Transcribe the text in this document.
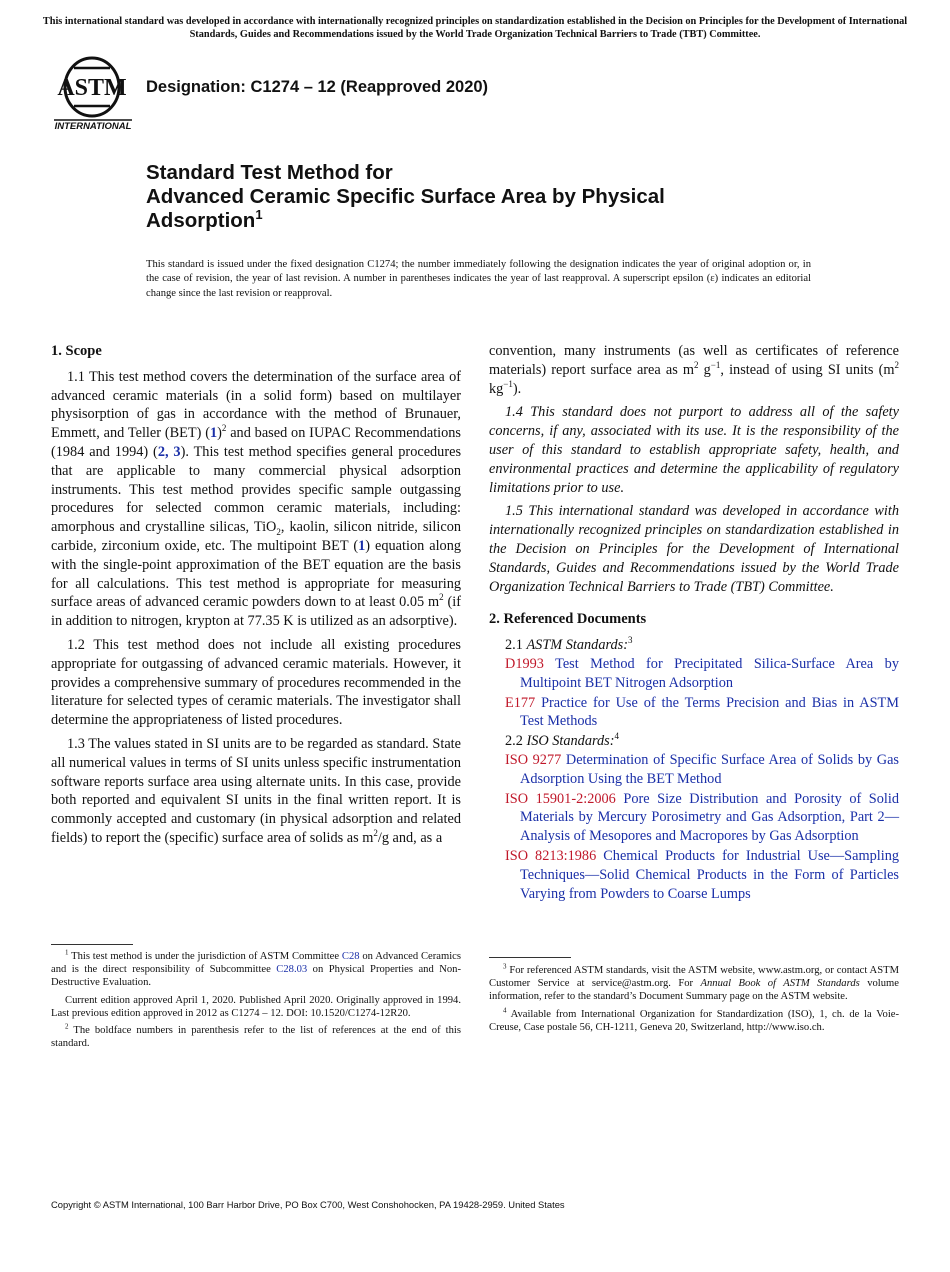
This international standard was developed in accordance with internationally recognized principles on standardization established in the Decision on Principles for the Development of International Standards, Guides and Recommendations issued by the World Trade Organization Technical Barriers to Trade (TBT) Committee.
ASTM
INTERNATIONAL
Designation: C1274 – 12 (Reapproved 2020)
Standard Test Method for
Advanced Ceramic Specific Surface Area by Physical
Adsorption$^1$
This standard is issued under the fixed designation C1274; the number immediately following the designation indicates the year of original adoption or, in the case of revision, the year of last revision. A number in parentheses indicates the year of last reapproval. A superscript epsilon (ε) indicates an editorial change since the last revision or reapproval.
1. Scope

1.1 This test method covers the determination of the surface area of advanced ceramic materials (in a solid form) based on multilayer physisorption of gas in accordance with the method of Brunauer, Emmett, and Teller (BET) $(1)^2$ and based on IUPAC Recommendations (1984 and 1994) (2, 3). This test method specifies general procedures that are applicable to many commercial physical adsorption instruments. This test method provides specific sample outgassing procedures for selected common ceramic materials, including: amorphous and crystalline silicas, TiO$_2$, kaolin, silicon nitride, silicon carbide, zirconium oxide, etc. The multipoint BET (1) equation along with the single-point approximation of the BET equation are the basis for all calculations. This test method is appropriate for measuring surface areas of advanced ceramic powders down to at least 0.05 $m^2$ (if in addition to nitrogen, krypton at 77.35 K is utilized as an adsorptive).

1.2 This test method does not include all existing procedures appropriate for outgassing of advanced ceramic materials. However, it provides a comprehensive summary of procedures recommended in the literature for selected types of ceramic materials. The investigator shall determine the appropriateness of listed procedures.

1.3 The values stated in SI units are to be regarded as standard. State all numerical values in terms of SI units unless specific instrumentation software reports surface area using alternate units. In this case, provide both reported and equivalent SI units in the final written report. It is commonly accepted and customary (in physical adsorption and related fields) to report the (specific) surface area of solids as $m^2/g$ and, as a

convention, many instruments (as well as certificates of reference materials) report surface area as $m^2$ $g^{-1}$, instead of using SI units ($m^2$ $kg^{-1}$).

1.4 This standard does not purport to address all of the safety concerns, if any, associated with its use. It is the responsibility of the user of this standard to establish appropriate safety, health, and environmental practices and determine the applicability of regulatory limitations prior to use.

1.5 This international standard was developed in accordance with internationally recognized principles on standardization established in the Decision on Principles for the Development of International Standards, Guides and Recommendations issued by the World Trade Organization Technical Barriers to Trade (TBT) Committee.

2. Referenced Documents
2.1 ASTM Standards:$^3$
D1993 Test Method for Precipitated Silica-Surface Area by Multipoint BET Nitrogen Adsorption
E177 Practice for Use of the Terms Precision and Bias in ASTM Test Methods
2.2 ISO Standards:$^4$
ISO 9277 Determination of Specific Surface Area of Solids by Gas Adsorption Using the BET Method
ISO 15901-2:2006 Pore Size Distribution and Porosity of Solid Materials by Mercury Porosimetry and Gas Adsorption, Part 2—Analysis of Mesopores and Macropores by Gas Adsorption
ISO 8213:1986 Chemical Products for Industrial Use—Sampling Techniques—Solid Chemical Products in the Form of Particles Varying from Powders to Coarse Lumps

$^1$ This test method is under the jurisdiction of ASTM Committee C28 on Advanced Ceramics and is the direct responsibility of Subcommittee C28.03 on Physical Properties and Non-Destructive Evaluation.

Current edition approved April 1, 2020. Published April 2020. Originally approved in 1994. Last previous edition approved in 2012 as C1274 – 12. DOI: 10.1520/C1274-12R20.

$^2$ The boldface numbers in parenthesis refer to the list of references at the end of this standard.

$^3$ For referenced ASTM standards, visit the ASTM website, www.astm.org, or contact ASTM Customer Service at service@astm.org. For Annual Book of ASTM Standards volume information, refer to the standard’s Document Summary page on the ASTM website.

$^4$ Available from International Organization for Standardization (ISO), 1, ch. de la Voie-Creuse, Case postale 56, CH-1211, Geneva 20, Switzerland, http://www.iso.ch.

Copyright © ASTM International, 100 Barr Harbor Drive, PO Box C700, West Conshohocken, PA 19428-2959. United States
